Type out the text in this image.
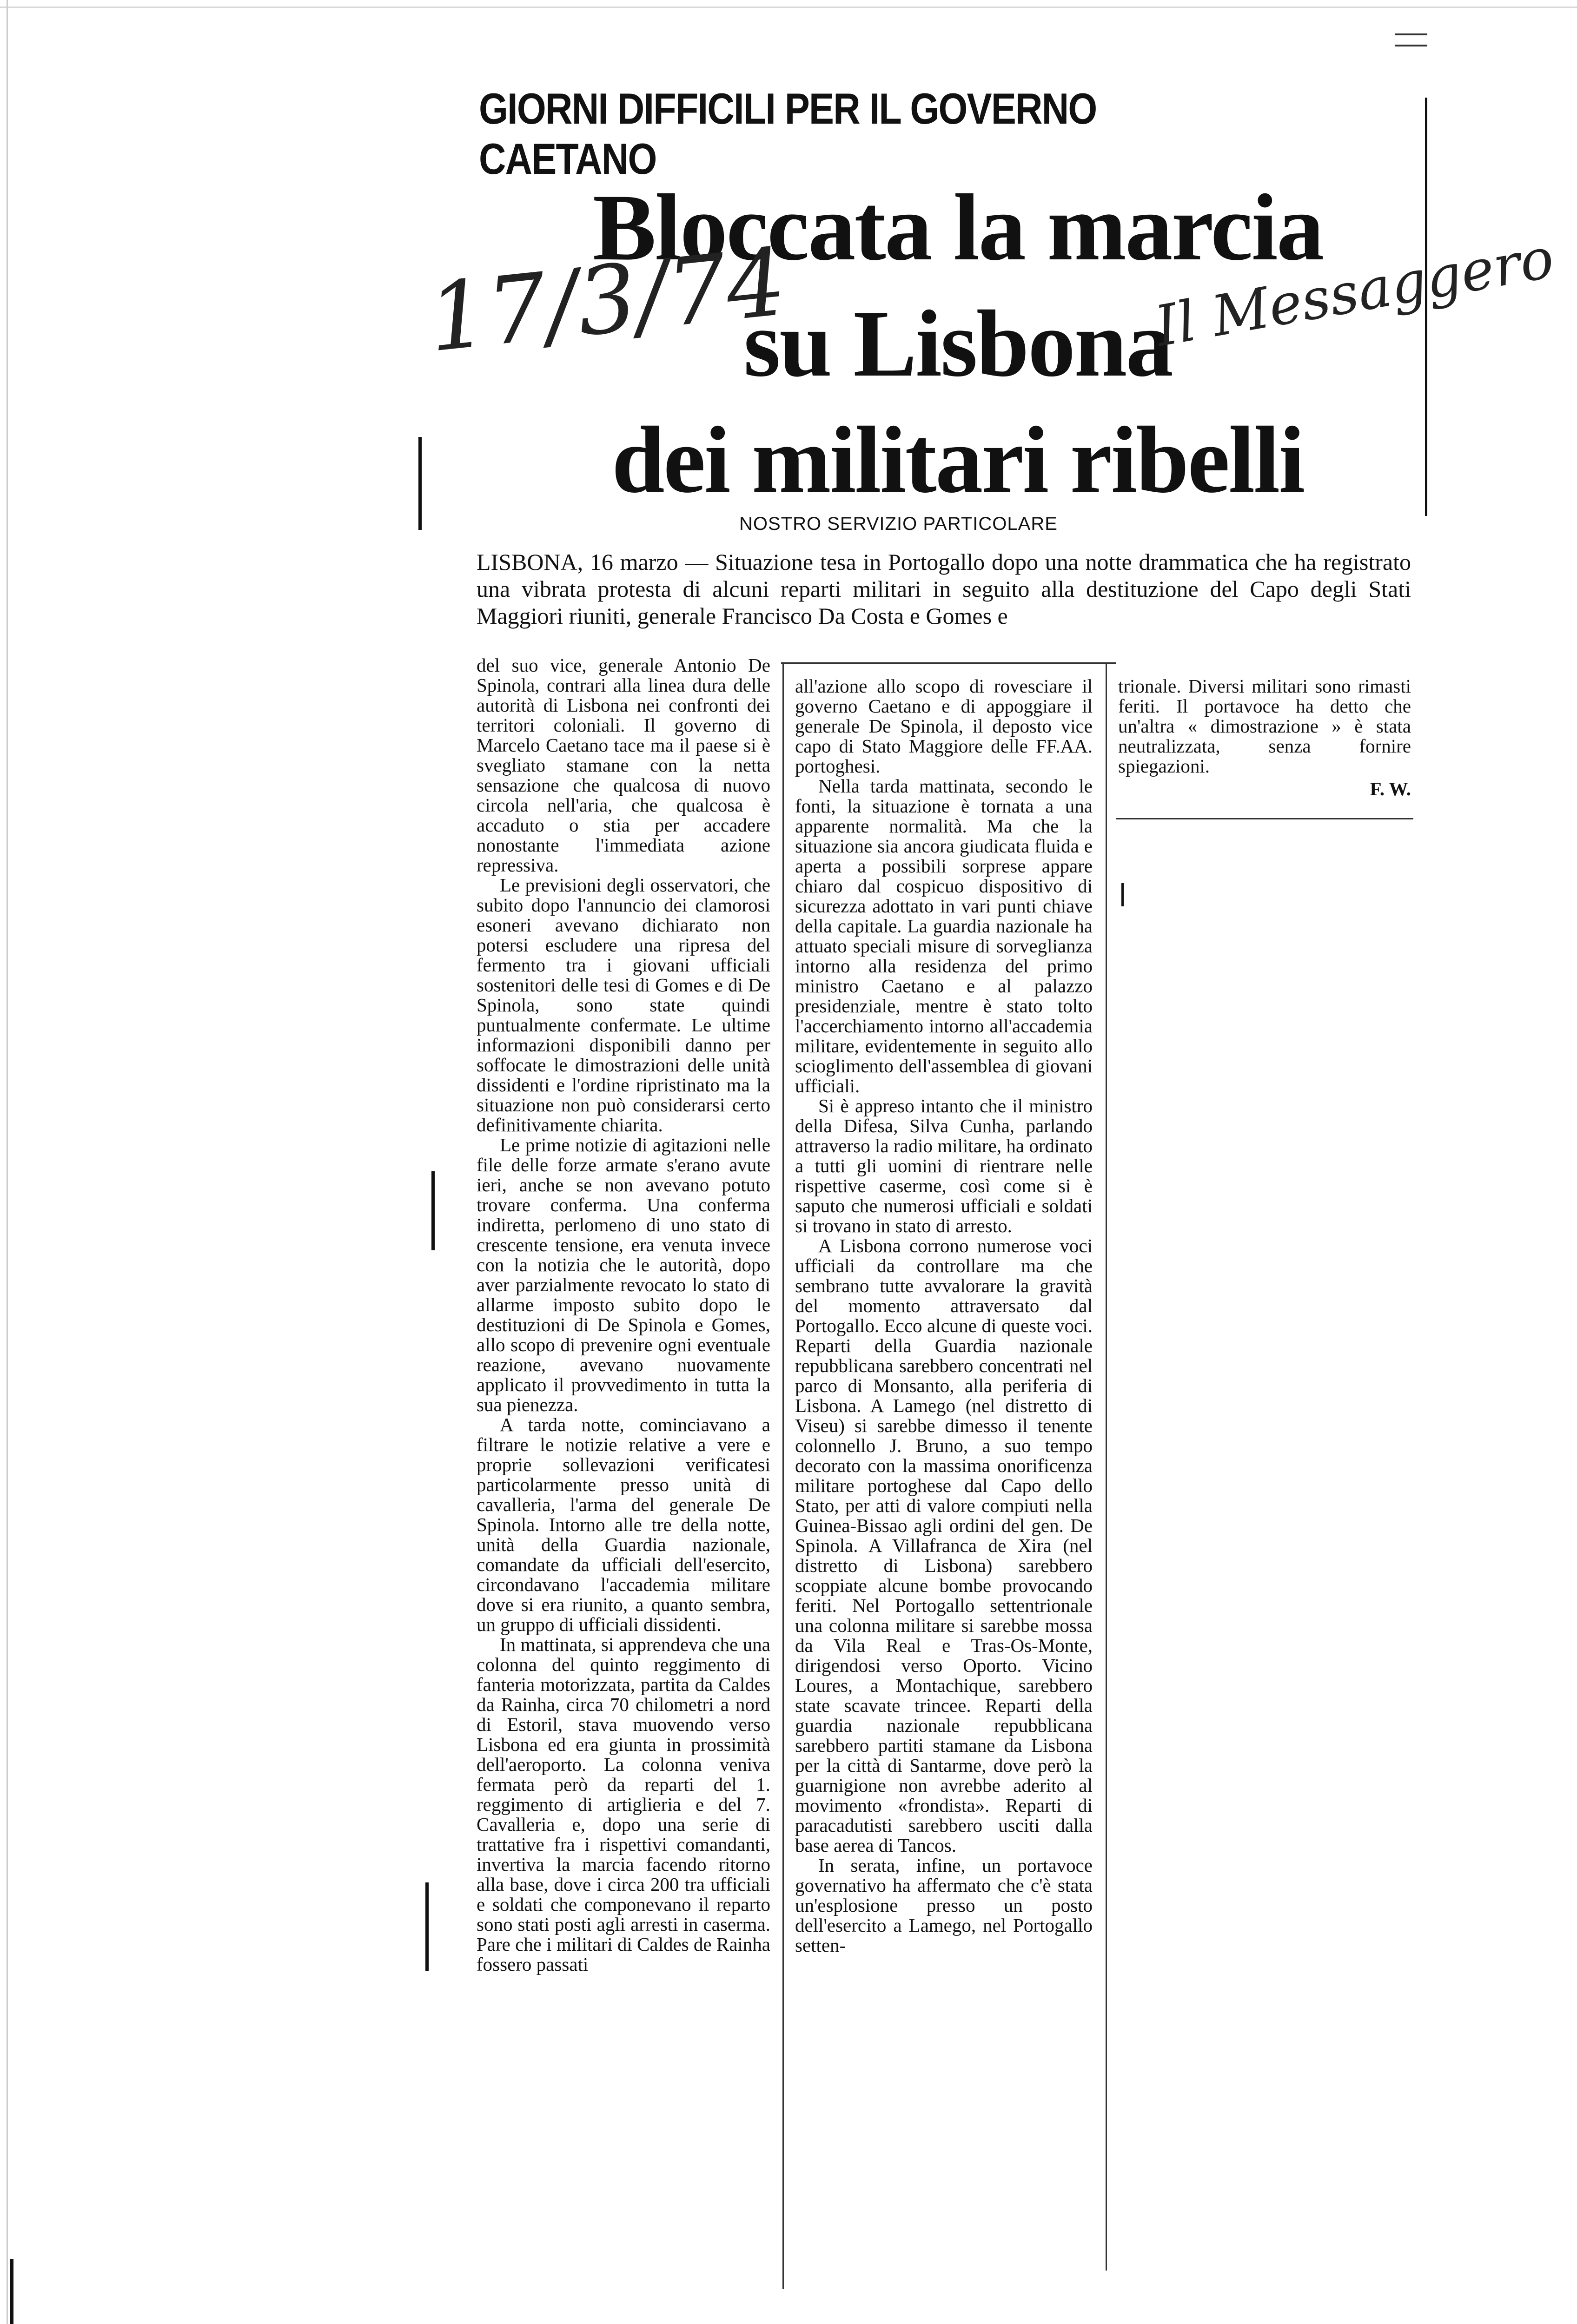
GIORNI DIFFICILI PER IL GOVERNO CAETANO
Bloccata la marcia
su Lisbona
dei militari ribelli
17/3/74	Il Messaggero
NOSTRO SERVIZIO PARTICOLARE
LISBONA, 16 marzo — Situazione tesa in Portogallo dopo una notte drammatica che ha registrato una vibrata protesta di alcuni reparti militari in seguito alla destituzione del Capo degli Stati Maggiori riuniti, generale Francisco Da Costa e Gomes e

del suo vice, generale Antonio De Spinola, contrari alla linea dura delle autorità di Lisbona nei confronti dei territori coloniali. Il governo di Marcelo Caetano tace ma il paese si è svegliato stamane con la netta sensazione che qualcosa di nuovo circola nell'aria, che qualcosa è accaduto o stia per accadere nonostante l'immediata azione repressiva.

Le previsioni degli osservatori, che subito dopo l'annuncio dei clamorosi esoneri avevano dichiarato non potersi escludere una ripresa del fermento tra i giovani ufficiali sostenitori delle tesi di Gomes e di De Spinola, sono state quindi puntualmente confermate. Le ultime informazioni disponibili danno per soffocate le dimostrazioni delle unità dissidenti e l'ordine ripristinato ma la situazione non può considerarsi certo definitivamente chiarita.

Le prime notizie di agitazioni nelle file delle forze armate s'erano avute ieri, anche se non avevano potuto trovare conferma. Una conferma indiretta, perlomeno di uno stato di crescente tensione, era venuta invece con la notizia che le autorità, dopo aver parzialmente revocato lo stato di allarme imposto subito dopo le destituzioni di De Spinola e Gomes, allo scopo di prevenire ogni eventuale reazione, avevano nuovamente applicato il provvedimento in tutta la sua pienezza.

A tarda notte, cominciavano a filtrare le notizie relative a vere e proprie sollevazioni verificatesi particolarmente presso unità di cavalleria, l'arma del generale De Spinola. Intorno alle tre della notte, unità della Guardia nazionale, comandate da ufficiali dell'esercito, circondavano l'accademia militare dove si era riunito, a quanto sembra, un gruppo di ufficiali dissidenti.

In mattinata, si apprendeva che una colonna del quinto reggimento di fanteria motorizzata, partita da Caldes da Rainha, circa 70 chilometri a nord di Estoril, stava muovendo verso Lisbona ed era giunta in prossimità dell'aeroporto. La colonna veniva fermata però da reparti del 1. reggimento di artiglieria e del 7. Cavalleria e, dopo una serie di trattative fra i rispettivi comandanti, invertiva la marcia facendo ritorno alla base, dove i circa 200 tra ufficiali e soldati che componevano il reparto sono stati posti agli arresti in caserma. Pare che i militari di Caldes de Rainha fossero passati

all'azione allo scopo di rovesciare il governo Caetano e di appoggiare il generale De Spinola, il deposto vice capo di Stato Maggiore delle FF.AA. portoghesi.

Nella tarda mattinata, secondo le fonti, la situazione è tornata a una apparente normalità. Ma che la situazione sia ancora giudicata fluida e aperta a possibili sorprese appare chiaro dal cospicuo dispositivo di sicurezza adottato in vari punti chiave della capitale. La guardia nazionale ha attuato speciali misure di sorveglianza intorno alla residenza del primo ministro Caetano e al palazzo presidenziale, mentre è stato tolto l'accerchiamento intorno all'accademia militare, evidentemente in seguito allo scioglimento dell'assemblea di giovani ufficiali.

Si è appreso intanto che il ministro della Difesa, Silva Cunha, parlando attraverso la radio militare, ha ordinato a tutti gli uomini di rientrare nelle rispettive caserme, così come si è saputo che numerosi ufficiali e soldati si trovano in stato di arresto.

A Lisbona corrono numerose voci ufficiali da controllare ma che sembrano tutte avvalorare la gravità del momento attraversato dal Portogallo. Ecco alcune di queste voci. Reparti della Guardia nazionale repubblicana sarebbero concentrati nel parco di Monsanto, alla periferia di Lisbona. A Lamego (nel distretto di Viseu) si sarebbe dimesso il tenente colonnello J. Bruno, a suo tempo decorato con la massima onorificenza militare portoghese dal Capo dello Stato, per atti di valore compiuti nella Guinea-Bissao agli ordini del gen. De Spinola. A Villafranca de Xira (nel distretto di Lisbona) sarebbero scoppiate alcune bombe provocando feriti. Nel Portogallo settentrionale una colonna militare si sarebbe mossa da Vila Real e Tras-Os-Monte, dirigendosi verso Oporto. Vicino Loures, a Montachique, sarebbero state scavate trincee. Reparti della guardia nazionale repubblicana sarebbero partiti stamane da Lisbona per la città di Santarme, dove però la guarnigione non avrebbe aderito al movimento «frondista». Reparti di paracadutisti sarebbero usciti dalla base aerea di Tancos.

In serata, infine, un portavoce governativo ha affermato che c'è stata un'esplosione presso un posto dell'esercito a Lamego, nel Portogallo setten-

trionale. Diversi militari sono rimasti feriti. Il portavoce ha detto che un'altra « dimostrazione » è stata neutralizzata, senza fornire spiegazioni.

F. W.
